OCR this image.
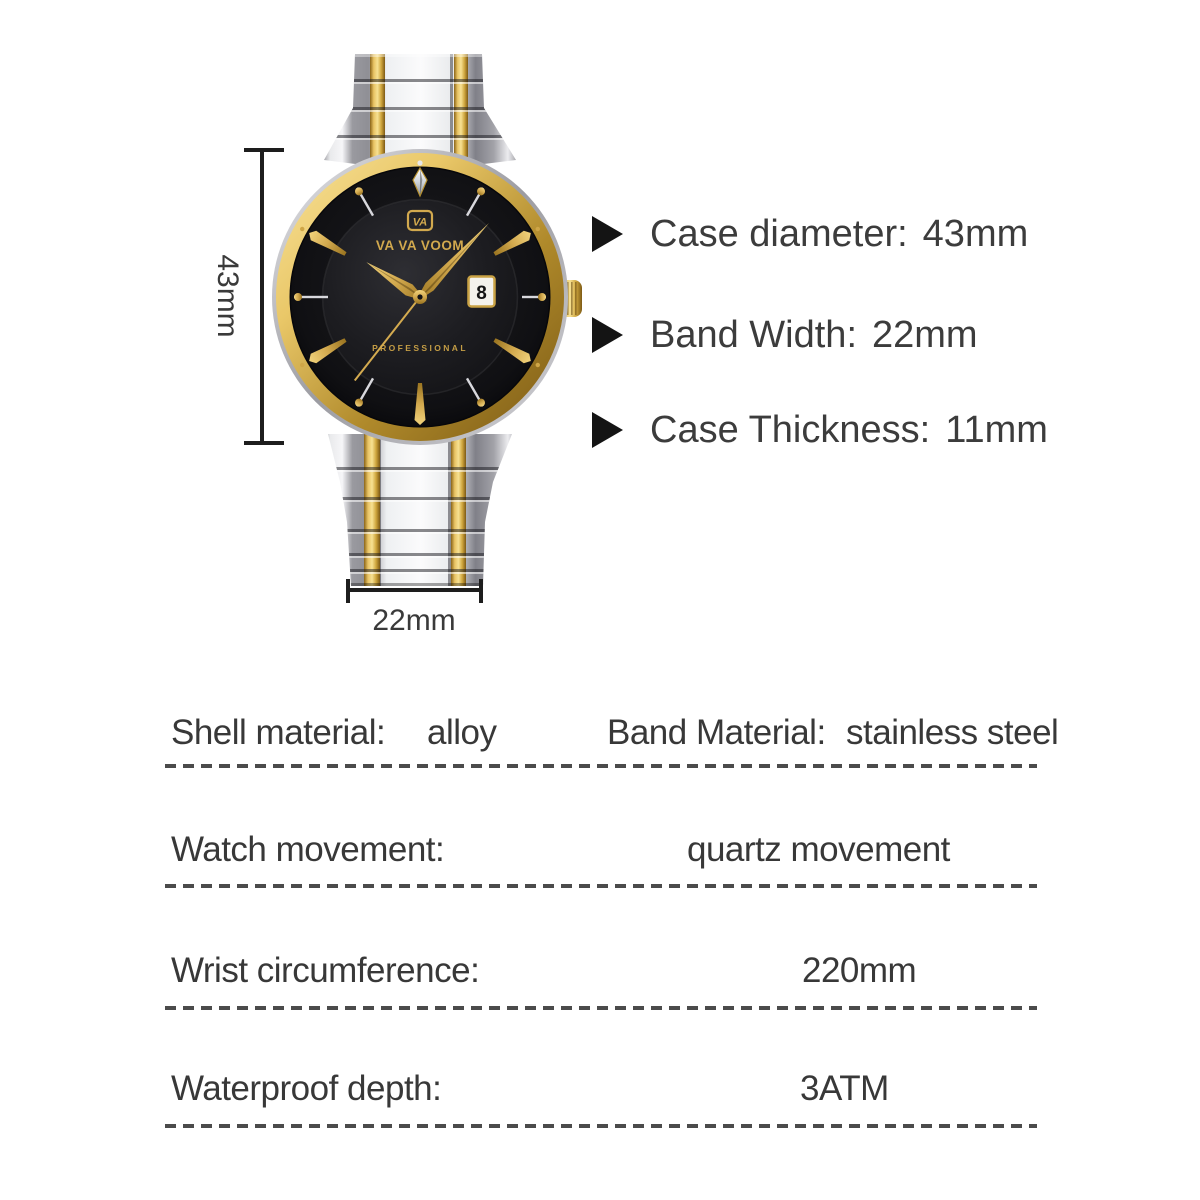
8
VA
VA VA VOOM
PROFESSIONAL
43mm
22mm
Case diameter: 43mm
Band Width: 22mm
Case Thickness: 11mm
Shell material: alloy	Band Material: stainless steel
Watch movement:	quartz movement
Wrist circumference:	220mm
Waterproof depth:	3ATM
